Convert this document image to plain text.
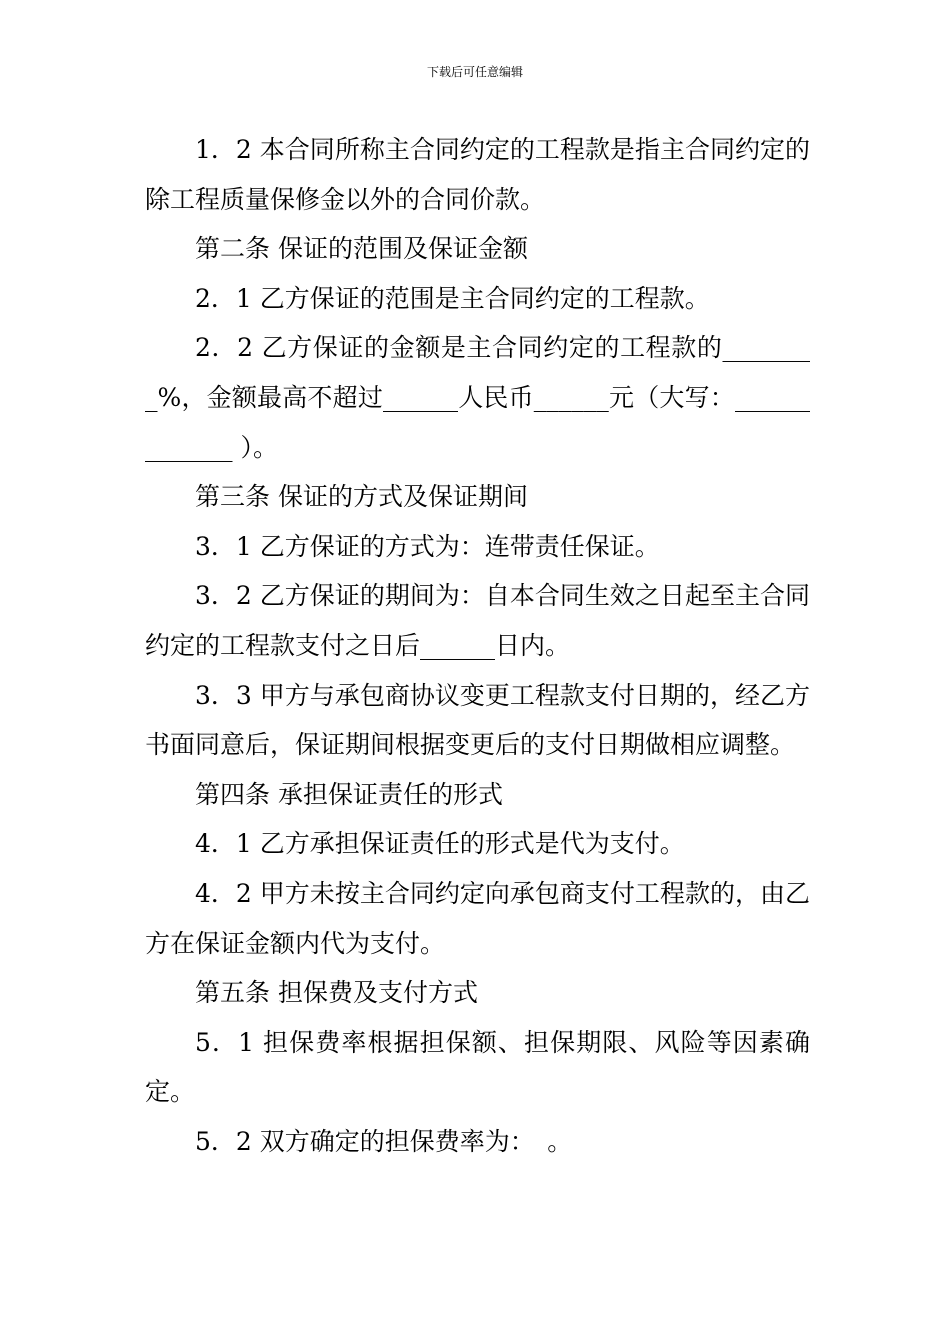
下载后可任意编辑

1．2 本合同所称主合同约定的工程款是指主合同约定的除工程质量保修金以外的合同价款。

第二条 保证的范围及保证金额

2．1 乙方保证的范围是主合同约定的工程款。

2．2 乙方保证的金额是主合同约定的工程款的________%，金额最高不超过______人民币______元（大写：_____________ ）。

第三条 保证的方式及保证期间

3．1 乙方保证的方式为：连带责任保证。

3．2 乙方保证的期间为：自本合同生效之日起至主合同约定的工程款支付之日后______日内。

3．3 甲方与承包商协议变更工程款支付日期的，经乙方书面同意后，保证期间根据变更后的支付日期做相应调整。

第四条 承担保证责任的形式

4．1 乙方承担保证责任的形式是代为支付。

4．2 甲方未按主合同约定向承包商支付工程款的，由乙方在保证金额内代为支付。

第五条 担保费及支付方式

5．1 担保费率根据担保额、担保期限、风险等因素确定。

5．2 双方确定的担保费率为：　。
